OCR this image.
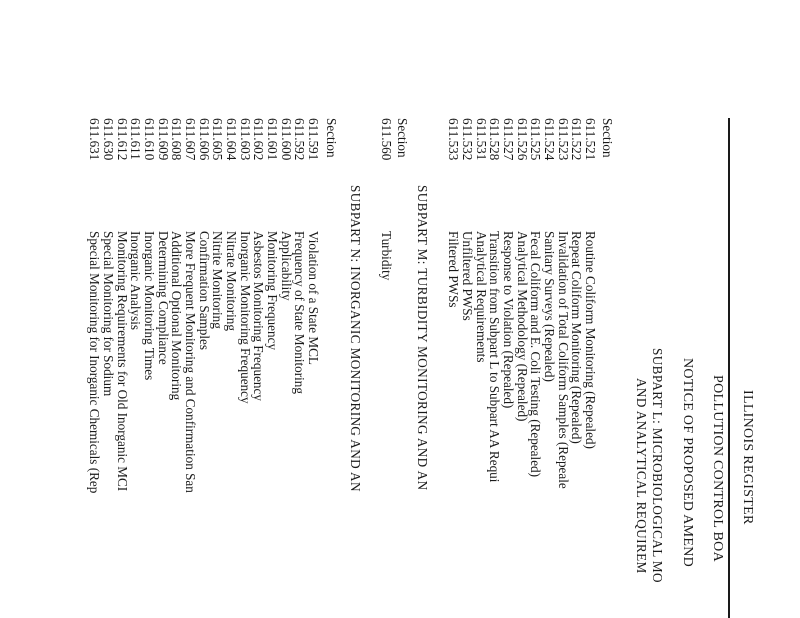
ILLINOIS REGISTER
POLLUTION CONTROL BOA
NOTICE OF PROPOSED AMEND
SUBPART L: MICROBIOLOGICAL MO
AND ANALYTICAL REQUIREM
Section
611.521
Routine Coliform Monitoring (Repealed)
611.522
Repeat Coliform Monitoring (Repealed)
611.523
Invalidation of Total Coliform Samples (Repeale
611.524
Sanitary Surveys (Repealed)
611.525
Fecal Coliform and E. Coli Testing (Repealed)
611.526
Analytical Methodology (Repealed)
611.527
Response to Violation (Repealed)
611.528
Transition from Subpart L to Subpart AA Requi
611.531
Analytical Requirements
611.532
Unfiltered PWSs
611.533
Filtered PWSs
SUBPART M: TURBIDITY MONITORING AND AN
Section
611.560
Turbidity
SUBPART N: INORGANIC MONITORING AND AN
Section
611.591
Violation of a State MCL
611.592
Frequency of State Monitoring
611.600
Applicability
611.601
Monitoring Frequency
611.602
Asbestos Monitoring Frequency
611.603
Inorganic Monitoring Frequency
611.604
Nitrate Monitoring
611.605
Nitrite Monitoring
611.606
Confirmation Samples
611.607
More Frequent Monitoring and Confirmation San
611.608
Additional Optional Monitoring
611.609
Determining Compliance
611.610
Inorganic Monitoring Times
611.611
Inorganic Analysis
611.612
Monitoring Requirements for Old Inorganic MCI
611.630
Special Monitoring for Sodium
611.631
Special Monitoring for Inorganic Chemicals (Rep
